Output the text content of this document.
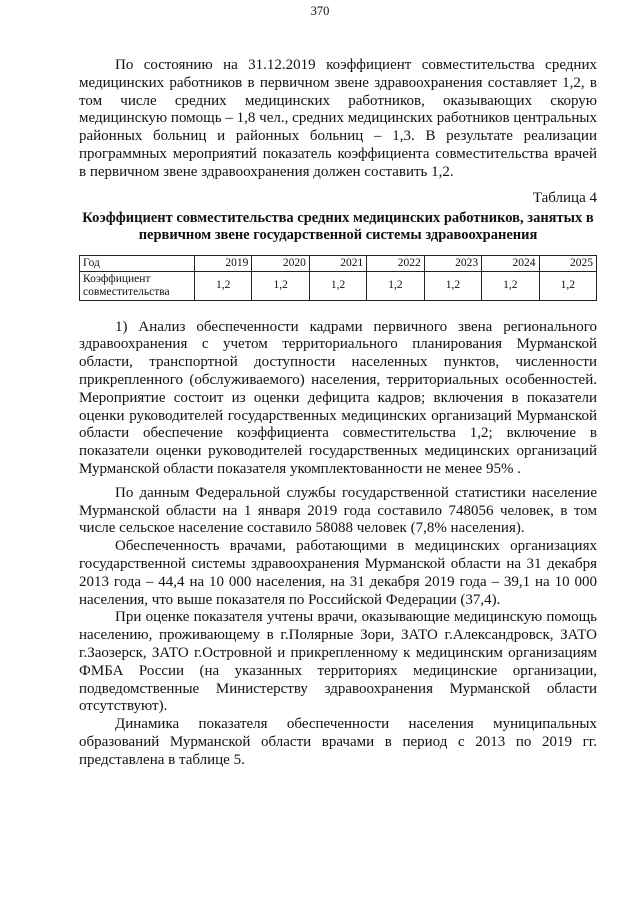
370

По состоянию на 31.12.2019 коэффициент совместительства средних медицинских работников в первичном звене здравоохранения составляет 1,2, в том числе средних медицинских работников, оказывающих скорую медицинскую помощь – 1,8 чел., средних медицинских работников центральных районных больниц и районных больниц – 1,3. В результате реализации программных мероприятий показатель коэффициента совместительства врачей в первичном звене здравоохранения должен составить 1,2.

Таблица 4
Коэффициент совместительства средних медицинских работников, занятых в первичном звене государственной системы здравоохранения
Год	2019	2020	2021	2022	2023	2024	2025
Коэффициент совместительства	1,2	1,2	1,2	1,2	1,2	1,2	1,2

1) Анализ обеспеченности кадрами первичного звена регионального здравоохранения с учетом территориального планирования Мурманской области, транспортной доступности населенных пунктов, численности прикрепленного (обслуживаемого) населения, территориальных особенностей. Мероприятие состоит из оценки дефицита кадров; включения в показатели оценки руководителей государственных медицинских организаций Мурманской области обеспечение коэффициента совместительства 1,2; включение в показатели оценки руководителей государственных медицинских организаций Мурманской области показателя укомплектованности не менее 95% .

По данным Федеральной службы государственной статистики население Мурманской области на 1 января 2019 года составило 748056 человек, в том числе сельское население составило 58088 человек (7,8% населения).

Обеспеченность врачами, работающими в медицинских организациях государственной системы здравоохранения Мурманской области на 31 декабря 2013 года – 44,4 на 10 000 населения, на 31 декабря 2019 года – 39,1 на 10 000 населения, что выше показателя по Российской Федерации (37,4).

При оценке показателя учтены врачи, оказывающие медицинскую помощь населению, проживающему в г.Полярные Зори, ЗАТО г.Александровск, ЗАТО г.Заозерск, ЗАТО г.Островной и прикрепленному к медицинским организациям ФМБА России (на указанных территориях медицинские организации, подведомственные Министерству здравоохранения Мурманской области отсутствуют).

Динамика показателя обеспеченности населения муниципальных образований Мурманской области врачами в период с 2013 по 2019 гг. представлена в таблице 5.
